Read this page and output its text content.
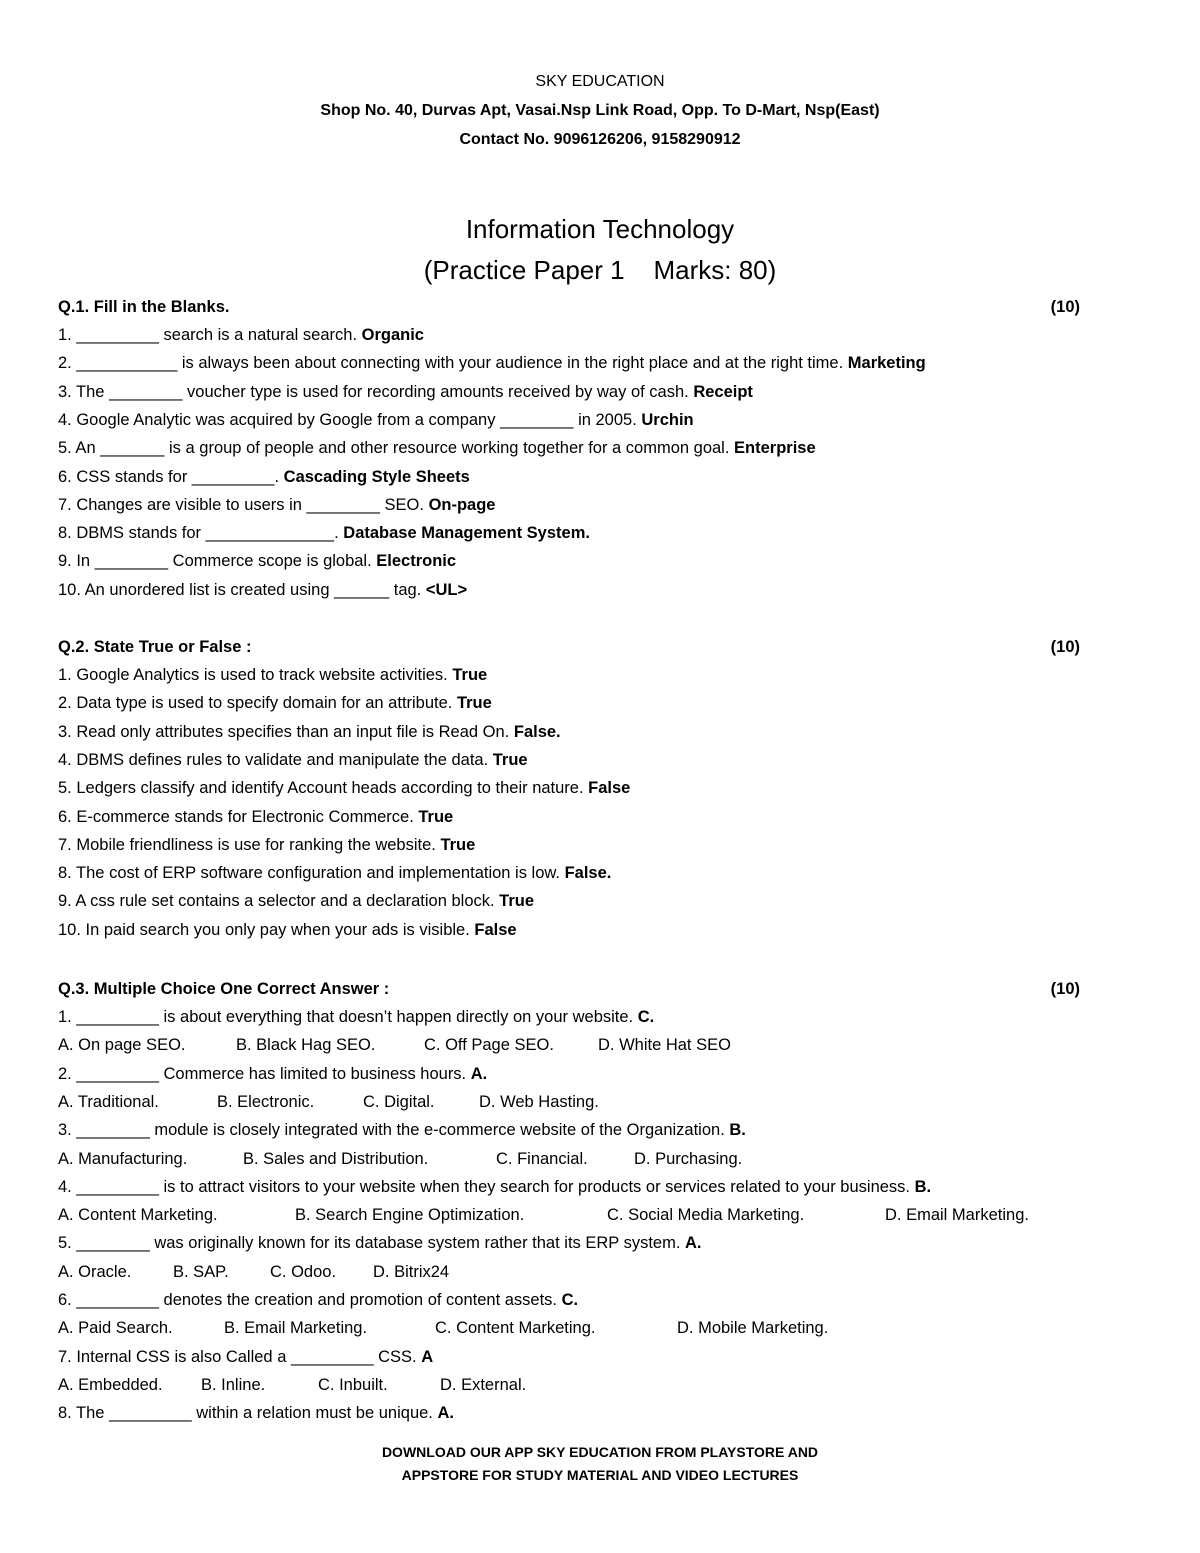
SKY EDUCATION
Shop No. 40, Durvas Apt, Vasai.Nsp Link Road, Opp. To D-Mart, Nsp(East)
Contact No. 9096126206, 9158290912
Information Technology
(Practice Paper 1    Marks: 80)
Q.1. Fill in the Blanks.	(10)
1. _________ search is a natural search. Organic
2. ___________ is always been about connecting with your audience in the right place and at the right time. Marketing
3. The ________ voucher type is used for recording amounts received by way of cash. Receipt
4. Google Analytic was acquired by Google from a company ________ in 2005. Urchin
5. An _______ is a group of people and other resource working together for a common goal. Enterprise
6. CSS stands for _________. Cascading Style Sheets
7. Changes are visible to users in ________ SEO. On-page
8. DBMS stands for ______________. Database Management System.
9. In ________ Commerce scope is global. Electronic
10. An unordered list is created using ______ tag. <UL>
Q.2. State True or False :	(10)
1. Google Analytics is used to track website activities. True
2. Data type is used to specify domain for an attribute. True
3. Read only attributes specifies than an input file is Read On. False.
4. DBMS defines rules to validate and manipulate the data. True
5. Ledgers classify and identify Account heads according to their nature. False
6. E-commerce stands for Electronic Commerce. True
7. Mobile friendliness is use for ranking the website. True
8. The cost of ERP software configuration and implementation is low. False.
9. A css rule set contains a selector and a declaration block. True
10. In paid search you only pay when your ads is visible. False
Q.3. Multiple Choice One Correct Answer :	(10)
1. _________ is about everything that doesn’t happen directly on your website. C.
A. On page SEO.	B. Black Hag SEO.	C. Off Page SEO.	D. White Hat SEO
2. _________ Commerce has limited to business hours. A.
A. Traditional.	B. Electronic.	C. Digital.	D. Web Hasting.
3. ________ module is closely integrated with the e-commerce website of the Organization. B.
A. Manufacturing.	B. Sales and Distribution.	C. Financial.	D. Purchasing.
4. _________ is to attract visitors to your website when they search for products or services related to your business. B.
A. Content Marketing.	B. Search Engine Optimization.	C. Social Media Marketing.	D. Email Marketing.
5. ________ was originally known for its database system rather that its ERP system. A.
A. Oracle.	B. SAP.	C. Odoo. D. Bitrix24
6. _________ denotes the creation and promotion of content assets. C.
A. Paid Search.	B. Email Marketing.	C. Content Marketing.	D. Mobile Marketing.
7. Internal CSS is also Called a _________ CSS. A
A. Embedded. B. Inline.	C. Inbuilt.	D. External.
8. The _________ within a relation must be unique. A.
DOWNLOAD OUR APP SKY EDUCATION FROM PLAYSTORE AND
APPSTORE FOR STUDY MATERIAL AND VIDEO LECTURES
